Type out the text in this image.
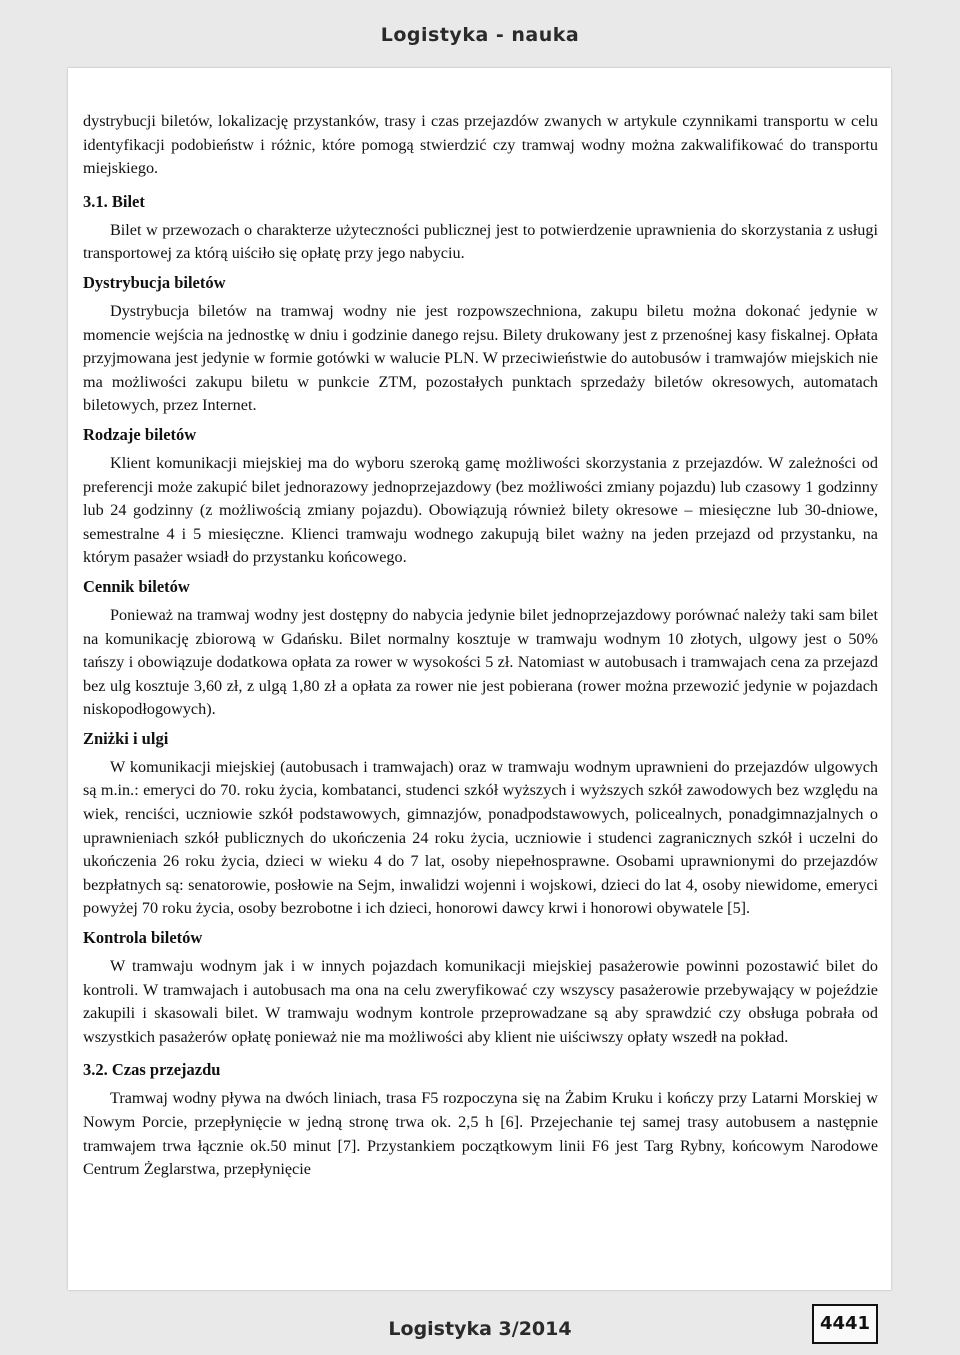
Logistyka - nauka

dystrybucji biletów, lokalizację przystanków, trasy i czas przejazdów zwanych w artykule czynnikami transportu w celu identyfikacji podobieństw i różnic, które pomogą stwierdzić czy tramwaj wodny można zakwalifikować do transportu miejskiego.

3.1. Bilet

Bilet w przewozach o charakterze użyteczności publicznej jest to potwierdzenie uprawnienia do skorzystania z usługi transportowej za którą uiściło się opłatę przy jego nabyciu.

Dystrybucja biletów

Dystrybucja biletów na tramwaj wodny nie jest rozpowszechniona, zakupu biletu można dokonać jedynie w momencie wejścia na jednostkę w dniu i godzinie danego rejsu. Bilety drukowany jest z przenośnej kasy fiskalnej. Opłata przyjmowana jest jedynie w formie gotówki w walucie PLN. W przeciwieństwie do autobusów i tramwajów miejskich nie ma możliwości zakupu biletu w punkcie ZTM, pozostałych punktach sprzedaży biletów okresowych, automatach biletowych, przez Internet.

Rodzaje biletów

Klient komunikacji miejskiej ma do wyboru szeroką gamę możliwości skorzystania z przejazdów. W zależności od preferencji może zakupić bilet jednorazowy jednoprzejazdowy (bez możliwości zmiany pojazdu) lub czasowy 1 godzinny lub 24 godzinny (z możliwością zmiany pojazdu). Obowiązują również bilety okresowe – miesięczne lub 30-dniowe, semestralne 4 i 5 miesięczne. Klienci tramwaju wodnego zakupują bilet ważny na jeden przejazd od przystanku, na którym pasażer wsiadł do przystanku końcowego.

Cennik biletów

Ponieważ na tramwaj wodny jest dostępny do nabycia jedynie bilet jednoprzejazdowy porównać należy taki sam bilet na komunikację zbiorową w Gdańsku. Bilet normalny kosztuje w tramwaju wodnym 10 złotych, ulgowy jest o 50% tańszy i obowiązuje dodatkowa opłata za rower w wysokości 5 zł. Natomiast w autobusach i tramwajach cena za przejazd bez ulg kosztuje 3,60 zł, z ulgą 1,80 zł a opłata za rower nie jest pobierana (rower można przewozić jedynie w pojazdach niskopodłogowych).

Zniżki i ulgi

W komunikacji miejskiej (autobusach i tramwajach) oraz w tramwaju wodnym uprawnieni do przejazdów ulgowych są m.in.: emeryci do 70. roku życia, kombatanci, studenci szkół wyższych i wyższych szkół zawodowych bez względu na wiek, renciści, uczniowie szkół podstawowych, gimnazjów, ponadpodstawowych, policealnych, ponadgimnazjalnych o uprawnieniach szkół publicznych do ukończenia 24 roku życia, uczniowie i studenci zagranicznych szkół i uczelni do ukończenia 26 roku życia, dzieci w wieku 4 do 7 lat, osoby niepełnosprawne. Osobami uprawnionymi do przejazdów bezpłatnych są: senatorowie, posłowie na Sejm, inwalidzi wojenni i wojskowi, dzieci do lat 4, osoby niewidome, emeryci powyżej 70 roku życia, osoby bezrobotne i ich dzieci, honorowi dawcy krwi i honorowi obywatele [5].

Kontrola biletów

W tramwaju wodnym jak i w innych pojazdach komunikacji miejskiej pasażerowie powinni pozostawić bilet do kontroli. W tramwajach i autobusach ma ona na celu zweryfikować czy wszyscy pasażerowie przebywający w pojeździe zakupili i skasowali bilet. W tramwaju wodnym kontrole przeprowadzane są aby sprawdzić czy obsługa pobrała od wszystkich pasażerów opłatę ponieważ nie ma możliwości aby klient nie uiściwszy opłaty wszedł na pokład.

3.2. Czas przejazdu

Tramwaj wodny pływa na dwóch liniach, trasa F5 rozpoczyna się na Żabim Kruku i kończy przy Latarni Morskiej w Nowym Porcie, przepłynięcie w jedną stronę trwa ok. 2,5 h [6]. Przejechanie tej samej trasy autobusem a następnie tramwajem trwa łącznie ok.50 minut [7]. Przystankiem początkowym linii F6 jest Targ Rybny, końcowym Narodowe Centrum Żeglarstwa, przepłynięcie

Logistyka 3/2014	4441
